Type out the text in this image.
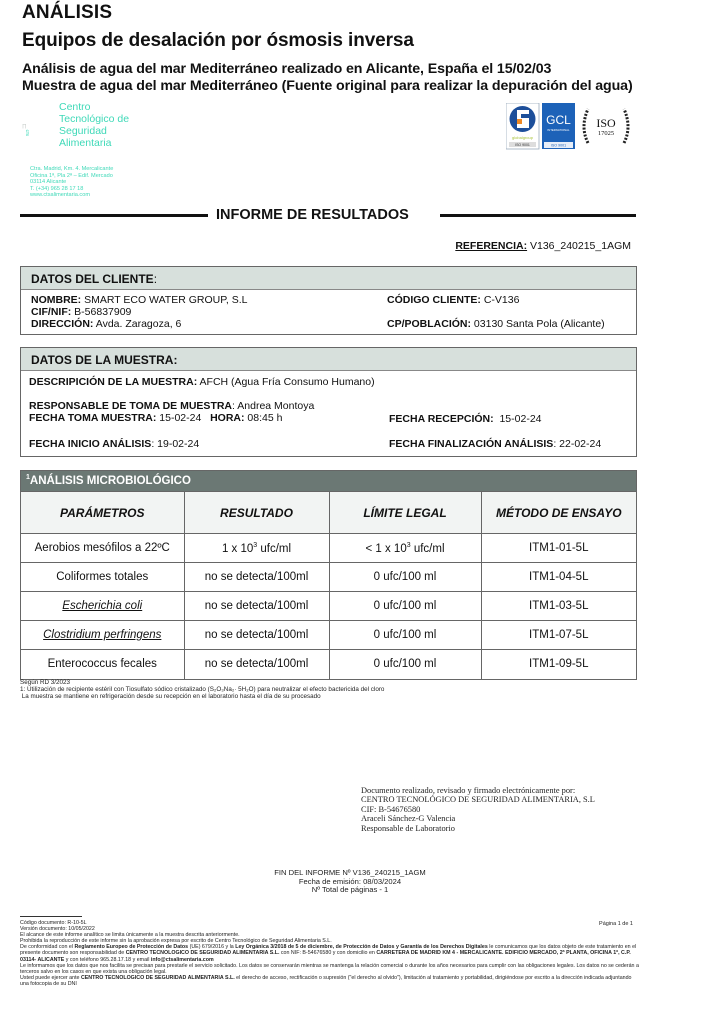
ANÁLISIS
Equipos de desalación por ósmosis inversa
Análisis de agua del mar Mediterráneo realizado en Alicante, España el 15/02/03
Muestra de agua del mar Mediterráneo (Fuente original para realizar la depuración del agua)
CTS
Centro
Tecnológico de
Seguridad
Alimentaria
Ctra. Madrid, Km. 4. Mercalicante
Oficina 1ª, Pla 2ª – Edif. Mercado
03114 Alicante
T. (+34) 965 28 17 18
www.ctsalimentaria.com
globalgroup
ISO 9001
GCL
INTERNATIONAL
ISO 9001
ISO
17025
INFORME DE RESULTADOS
REFERENCIA: V136_240215_1AGM
DATOS DEL CLIENTE:
NOMBRE: SMART ECO WATER GROUP, S.L	CÓDIGO CLIENTE: C-V136
CIF/NIF: B-56837909
DIRECCIÓN: Avda. Zaragoza, 6	CP/POBLACIÓN: 03130 Santa Pola (Alicante)
DATOS DE LA MUESTRA:
DESCRIPICIÓN DE LA MUESTRA: AFCH (Agua Fría Consumo Humano)
RESPONSABLE DE TOMA DE MUESTRA: Andrea Montoya
FECHA TOMA MUESTRA: 15-02-24 HORA: 08:45 h	FECHA RECEPCIÓN: 15-02-24
FECHA INICIO ANÁLISIS: 19-02-24	FECHA FINALIZACIÓN ANÁLISIS: 22-02-24
$^1$ANÁLISIS MICROBIOLÓGICO
PARÁMETROS	RESULTADO	LÍMITE LEGAL	MÉTODO DE ENSAYO
Aerobios mesófilos a 22ºC	1 x $10^3$ ufc/ml	< 1 x $10^3$ ufc/ml	ITM1-01-5L
Coliformes totales	no se detecta/100ml	0 ufc/100 ml	ITM1-04-5L
Escherichia coli	no se detecta/100ml	0 ufc/100 ml	ITM1-03-5L
Clostridium perfringens	no se detecta/100ml	0 ufc/100 ml	ITM1-07-5L
Enterococcus fecales	no se detecta/100ml	0 ufc/100 ml	ITM1-09-5L
Según RD 3/2023
1: Utilización de recipiente estéril con Tiosulfato sódico cristalizado (S₂O₃Na₂· 5H₂O) para neutralizar el efecto bactericida del cloro
La muestra se mantiene en refrigeración desde su recepción en el laboratorio hasta el día de su procesado
Documento realizado, revisado y firmado electrónicamente por:
CENTRO TECNOLÓGICO DE SEGURIDAD ALIMENTARIA, S.L
CIF: B-54676580
Araceli Sánchez-G Valencia
Responsable de Laboratorio
FIN DEL INFORME Nº V136_240215_1AGM
Fecha de emisión: 08/03/2024
Nº Total de páginas - 1
Página 1 de 1
Código documento: R-10-5L
Versión documento: 10/05/2022
El alcance de este informe analítico se limita únicamente a la muestra descrita anteriormente.
Prohibida la reproducción de este informe sin la aprobación expresa por escrito de Centro Tecnológico de Seguridad Alimentaria S.L.
De conformidad con el Reglamento Europeo de Protección de Datos (UE) 679/2016 y la Ley Orgánica 3/2018 de 5 de diciembre, de Protección de Datos y Garantía de los Derechos Digitales le comunicamos que los datos objeto de este tratamiento en el presente documento son responsabilidad de CENTRO TECNOLOGICO DE SEGURIDAD ALIMENTARIA S.L. con NIF: B-54676580 y con domicilio en CARRETERA DE MADRID KM 4 - MERCALICANTE. EDIFICIO MERCADO, 2ª PLANTA, OFICINA 1ª, C.P. 03114- ALICANTE y con teléfono 965.28.17.18 y email info@ctsalimentaria.com
Le informamos que los datos que nos facilita se precisan para prestarle el servicio solicitado. Los datos se conservarán mientras se mantenga la relación comercial o durante los años necesarios para cumplir con las obligaciones legales. Los datos no se cederán a terceros salvo en los casos en que exista una obligación legal.
Usted puede ejercer ante CENTRO TECNOLOGICO DE SEGURIDAD ALIMENTARIA S.L. el derecho de acceso, rectificación o supresión ("el derecho al olvido"), limitación al tratamiento y portabilidad, dirigiéndose por escrito a la dirección indicada adjuntando una fotocopia de su DNI
